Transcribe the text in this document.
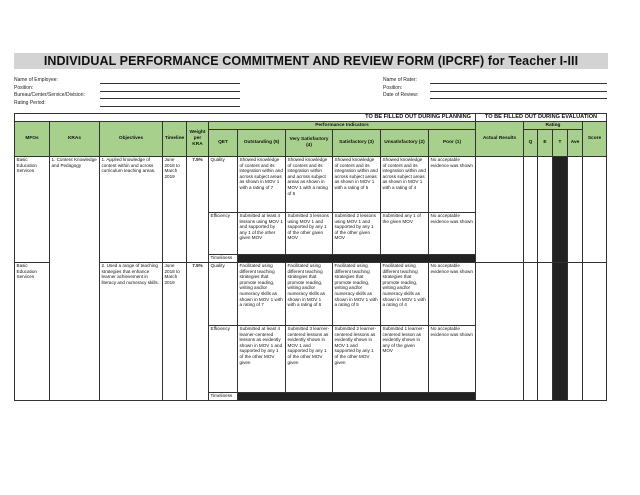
INDIVIDUAL PERFORMANCE COMMITMENT AND REVIEW FORM (IPCRF) for Teacher I-III
Name of Employee:
Position:
Bureau/Center/Service/Division:
Rating Period:
Name of Rater:
Position:
Date of Review:
TO BE FILLED OUT DURING PLANNING											TO BE FILLED OUT DURING EVALUATION					
MFOs	KRAs	Objectives	Timeline	Weight per KRA	Performance Indicators						Actual Results	Rating				Score
					QET	Outstanding (5)	Very Satisfactory (4)	Satisfactory (3)	Unsatisfactory (2)	Poor (1)		Q	E	T	Ave	
Basic Education Services	1. Content Knowledge and Pedagogy	1. Applied knowledge of content within and across curriculum teaching areas.	June 2018 to March 2019	7.5%	Quality	Showed knowledge of content and its integration within and across subject areas as shown in MOV 1 with a rating of 7	Showed knowledge of content and its integration within and across subject areas as shown in MOV 1 with a rating of 6	Showed knowledge of content and its integration within and across subject areas as shown in MOV 1 with a rating of 5	Showed knowledge of content and its integration within and across subject areas as shown in MOV 1 with a rating of 4	No acceptable evidence was shown						
					Efficiency	Submitted at least 4 lessons using MOV 1 and supported by any 1 of the other given MOV	Submitted 3 lessons using MOV 1 and supported by any 1 of the other given MOV	Submitted 2 lessons using MOV 1 and supported by any 1 of the other given MOV	Submitted any 1 of the given MOV	No acceptable evidence was shown						
					Timeliness											
Basic Education Services		2. Used a range of teaching strategies that enhance learner achievement in literacy and numeracy skills.	June 2018 to March 2019	7.5%	Quality	Facilitated using different teaching strategies that promote reading, writing and/or numeracy skills as shown in MOV 1 with a rating of 7	Facilitated using different teaching strategies that promote reading, writing and/or numeracy skills as shown in MOV 1 with a rating of 6	Facilitated using different teaching strategies that promote reading, writing and/or numeracy skills as shown in MOV 1 with a rating of 5	Facilitated using different teaching strategies that promote reading, writing and/or numeracy skills as shown in MOV 1 with a rating of 4	No acceptable evidence was shown						
					Efficiency	Submitted at least 4 learner-centered lessons as evidently shown in MOV 1 and supported by any 1 of the other MOV given	Submitted 3 learner-centered lessons as evidently shown in MOV 1 and supported by any 1 of the other MOV given	Submitted 2 learner-centered lessons as evidently shown in MOV 1 and supported by any 1 of the other MOV given	Submitted 1 learner-centered lesson as evidently shown in any of the given MOV	No acceptable evidence was shown						
					Timeliness											
